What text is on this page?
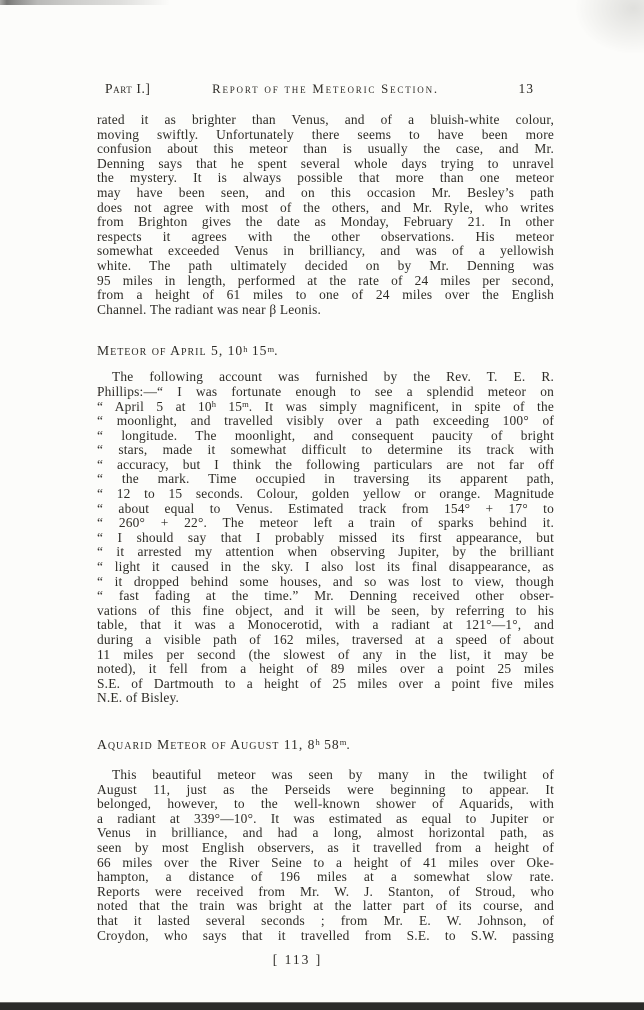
Part I.]	Report of the Meteoric Section.	13
rated it as brighter than Venus, and of a bluish-white colour,
moving swiftly. Unfortunately there seems to have been more
confusion about this meteor than is usually the case, and Mr.
Denning says that he spent several whole days trying to unravel
the mystery. It is always possible that more than one meteor
may have been seen, and on this occasion Mr. Besley’s path
does not agree with most of the others, and Mr. Ryle, who writes
from Brighton gives the date as Monday, February 21. In other
respects it agrees with the other observations. His meteor
somewhat exceeded Venus in brilliancy, and was of a yellowish
white. The path ultimately decided on by Mr. Denning was
95 miles in length, performed at the rate of 24 miles per second,
from a height of 61 miles to one of 24 miles over the English
Channel. The radiant was near β Leonis.
Meteor of April 5, 10$^h$ 15$^m$.
The following account was furnished by the Rev. T. E. R.
Phillips:—“ I was fortunate enough to see a splendid meteor on
“ April 5 at 10$^h$ 15$^m$. It was simply magnificent, in spite of the
“ moonlight, and travelled visibly over a path exceeding 100° of
“ longitude. The moonlight, and consequent paucity of bright
“ stars, made it somewhat difficult to determine its track with
“ accuracy, but I think the following particulars are not far off
“ the mark. Time occupied in traversing its apparent path,
“ 12 to 15 seconds. Colour, golden yellow or orange. Magnitude
“ about equal to Venus. Estimated track from 154° + 17° to
“ 260° + 22°. The meteor left a train of sparks behind it.
“ I should say that I probably missed its first appearance, but
“ it arrested my attention when observing Jupiter, by the brilliant
“ light it caused in the sky. I also lost its final disappearance, as
“ it dropped behind some houses, and so was lost to view, though
“ fast fading at the time.” Mr. Denning received other obser-
vations of this fine object, and it will be seen, by referring to his
table, that it was a Monocerotid, with a radiant at 121°—1°, and
during a visible path of 162 miles, traversed at a speed of about
11 miles per second (the slowest of any in the list, it may be
noted), it fell from a height of 89 miles over a point 25 miles
S.E. of Dartmouth to a height of 25 miles over a point five miles
N.E. of Bisley.
Aquarid Meteor of August 11, 8$^h$ 58$^m$.
This beautiful meteor was seen by many in the twilight of
August 11, just as the Perseids were beginning to appear. It
belonged, however, to the well-known shower of Aquarids, with
a radiant at 339°—10°. It was estimated as equal to Jupiter or
Venus in brilliance, and had a long, almost horizontal path, as
seen by most English observers, as it travelled from a height of
66 miles over the River Seine to a height of 41 miles over Oke-
hampton, a distance of 196 miles at a somewhat slow rate.
Reports were received from Mr. W. J. Stanton, of Stroud, who
noted that the train was bright at the latter part of its course, and
that it lasted several seconds ; from Mr. E. W. Johnson, of
Croydon, who says that it travelled from S.E. to S.W. passing
[ 113 ]
